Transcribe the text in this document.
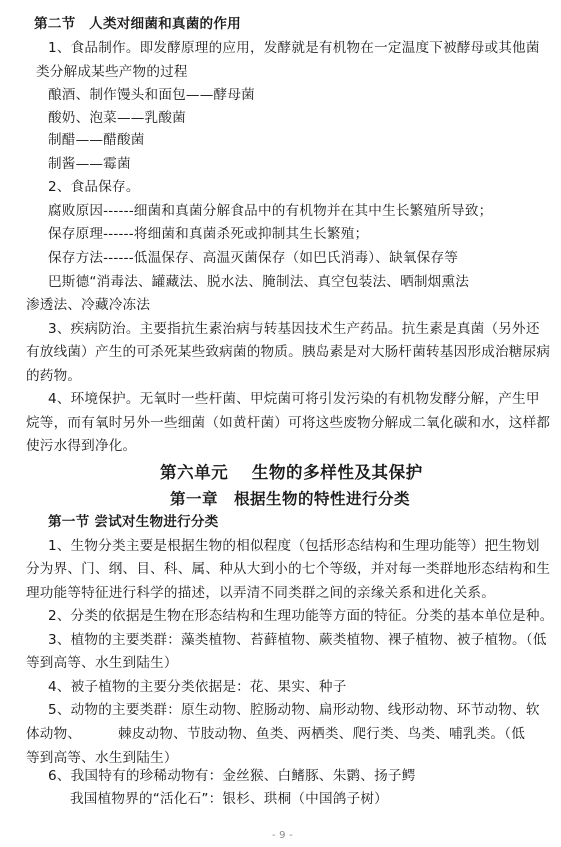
第二节　人类对细菌和真菌的作用
1、食品制作。即发酵原理的应用，发酵就是有机物在一定温度下被酵母或其他菌
类分解成某些产物的过程
酿酒、制作馒头和面包——酵母菌
酸奶、泡菜——乳酸菌
制醋——醋酸菌
制酱——霉菌
2、食品保存。
腐败原因------细菌和真菌分解食品中的有机物并在其中生长繁殖所导致；
保存原理------将细菌和真菌杀死或抑制其生长繁殖；
保存方法------低温保存、高温灭菌保存（如巴氏消毒）、缺氧保存等
巴斯德“消毒法、罐藏法、脱水法、腌制法、真空包装法、晒制烟熏法
渗透法、冷藏冷冻法
3、疾病防治。主要指抗生素治病与转基因技术生产药品。抗生素是真菌（另外还
有放线菌）产生的可杀死某些致病菌的物质。胰岛素是对大肠杆菌转基因形成治糖尿病
的药物。
4、环境保护。无氧时一些杆菌、甲烷菌可将引发污染的有机物发酵分解，产生甲
烷等，而有氧时另外一些细菌（如黄杆菌）可将这些废物分解成二氧化碳和水，这样都
使污水得到净化。
第六单元　 生物的多样性及其保护
第一章　根据生物的特性进行分类
第一节 尝试对生物进行分类
1、生物分类主要是根据生物的相似程度（包括形态结构和生理功能等）把生物划
分为界、门、纲、目、科、属、种从大到小的七个等级，并对每一类群地形态结构和生
理功能等特征进行科学的描述，以弄清不同类群之间的亲缘关系和进化关系。
2、分类的依据是生物在形态结构和生理功能等方面的特征。分类的基本单位是种。
3、植物的主要类群：藻类植物、苔藓植物、蕨类植物、裸子植物、被子植物。（低
等到高等、水生到陆生）
4、被子植物的主要分类依据是：花、果实、种子
5、动物的主要类群：原生动物、腔肠动物、扁形动物、线形动物、环节动物、软
体动物、	棘皮动物、节肢动物、鱼类、两栖类、爬行类、鸟类、哺乳类。（低
等到高等、水生到陆生）
6、我国特有的珍稀动物有：金丝猴、白鳍豚、朱鹮、扬子鳄
我国植物界的“活化石”：银杉、珙桐（中国鸽子树）
- 9 -
